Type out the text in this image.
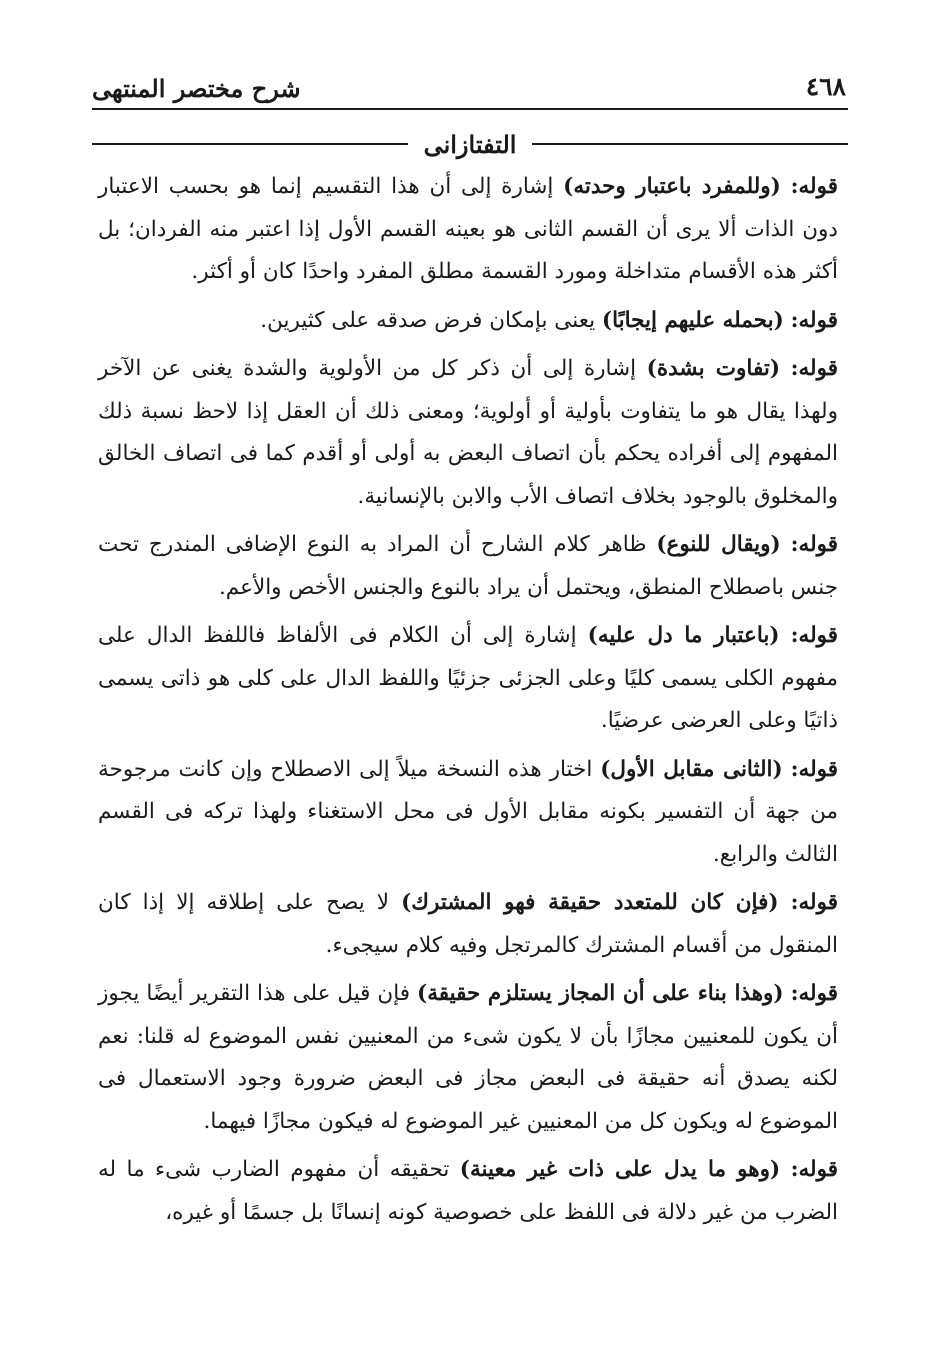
٤٦٨
شرح مختصر المنتهى
التفتازانى

قوله: (وللمفرد باعتبار وحدته) إشارة إلى أن هذا التقسيم إنما هو بحسب الاعتبار دون الذات ألا يرى أن القسم الثانى هو بعينه القسم الأول إذا اعتبر منه الفردان؛ بل أكثر هذه الأقسام متداخلة ومورد القسمة مطلق المفرد واحدًا كان أو أكثر.

قوله: (بحمله عليهم إيجابًا) يعنى بإمكان فرض صدقه على كثيرين.

قوله: (تفاوت بشدة) إشارة إلى أن ذكر كل من الأولوية والشدة يغنى عن الآخر ولهذا يقال هو ما يتفاوت بأولية أو أولوية؛ ومعنى ذلك أن العقل إذا لاحظ نسبة ذلك المفهوم إلى أفراده يحكم بأن اتصاف البعض به أولى أو أقدم كما فى اتصاف الخالق والمخلوق بالوجود بخلاف اتصاف الأب والابن بالإنسانية.

قوله: (ويقال للنوع) ظاهر كلام الشارح أن المراد به النوع الإضافى المندرج تحت جنس باصطلاح المنطق، ويحتمل أن يراد بالنوع والجنس الأخص والأعم.

قوله: (باعتبار ما دل عليه) إشارة إلى أن الكلام فى الألفاظ فاللفظ الدال على مفهوم الكلى يسمى كليًا وعلى الجزئى جزئيًا واللفظ الدال على كلى هو ذاتى يسمى ذاتيًا وعلى العرضى عرضيًا.

قوله: (الثانى مقابل الأول) اختار هذه النسخة ميلاً إلى الاصطلاح وإن كانت مرجوحة من جهة أن التفسير بكونه مقابل الأول فى محل الاستغناء ولهذا تركه فى القسم الثالث والرابع.

قوله: (فإن كان للمتعدد حقيقة فهو المشترك) لا يصح على إطلاقه إلا إذا كان المنقول من أقسام المشترك كالمرتجل وفيه كلام سيجىء.

قوله: (وهذا بناء على أن المجاز يستلزم حقيقة) فإن قيل على هذا التقرير أيضًا يجوز أن يكون للمعنيين مجازًا بأن لا يكون شىء من المعنيين نفس الموضوع له قلنا: نعم لكنه يصدق أنه حقيقة فى البعض مجاز فى البعض ضرورة وجود الاستعمال فى الموضوع له ويكون كل من المعنيين غير الموضوع له فيكون مجازًا فيهما.

قوله: (وهو ما يدل على ذات غير معينة) تحقيقه أن مفهوم الضارب شىء ما له الضرب من غير دلالة فى اللفظ على خصوصية كونه إنسانًا بل جسمًا أو غيره،
